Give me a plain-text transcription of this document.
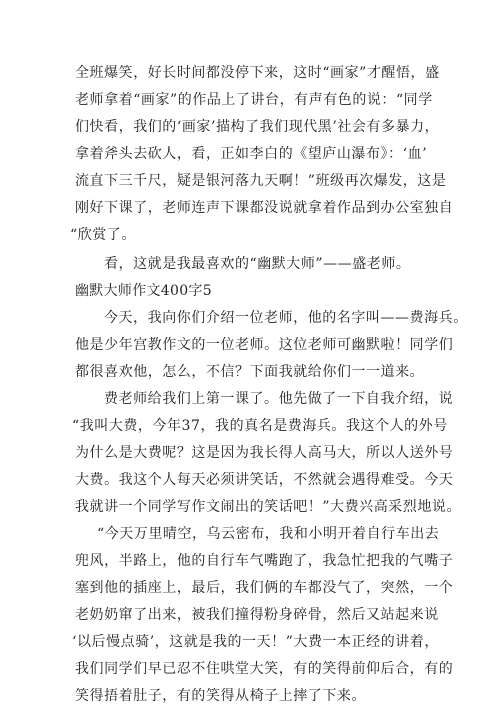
全班爆笑，好长时间都没停下来，这时“画家”才醒悟，盛
老师拿着“画家”的作品上了讲台，有声有色的说：“同学
们快看，我们的‘画家’描构了我们现代黑’社会有多暴力，
拿着斧头去砍人，看，正如李白的《望庐山瀑布》：‘血’
流直下三千尺，疑是银河落九天啊！”班级再次爆发，这是
刚好下课了，老师连声下课都没说就拿着作品到办公室独自
“欣赏了。
看，这就是我最喜欢的“幽默大师”——盛老师。
幽默大师作文400字5
今天，我向你们介绍一位老师，他的名字叫——费海兵。
他是少年宫教作文的一位老师。这位老师可幽默啦！同学们
都很喜欢他，怎么，不信？下面我就给你们一一道来。
费老师给我们上第一课了。他先做了一下自我介绍，说
“我叫大费，今年37，我的真名是费海兵。我这个人的外号
为什么是大费呢？这是因为我长得人高马大，所以人送外号
大费。我这个人每天必须讲笑话，不然就会遇得难受。今天
我就讲一个同学写作文闹出的笑话吧！”大费兴高采烈地说。
“今天万里晴空，乌云密布，我和小明开着自行车出去
兜风，半路上，他的自行车气嘴跑了，我急忙把我的气嘴子
塞到他的插座上，最后，我们俩的车都没气了，突然，一个
老奶奶窜了出来，被我们撞得粉身碎骨，然后又站起来说
‘以后慢点骑’，这就是我的一天！”大费一本正经的讲着，
我们同学们早已忍不住哄堂大笑，有的笑得前仰后合，有的
笑得捂着肚子，有的笑得从椅子上摔了下来。
